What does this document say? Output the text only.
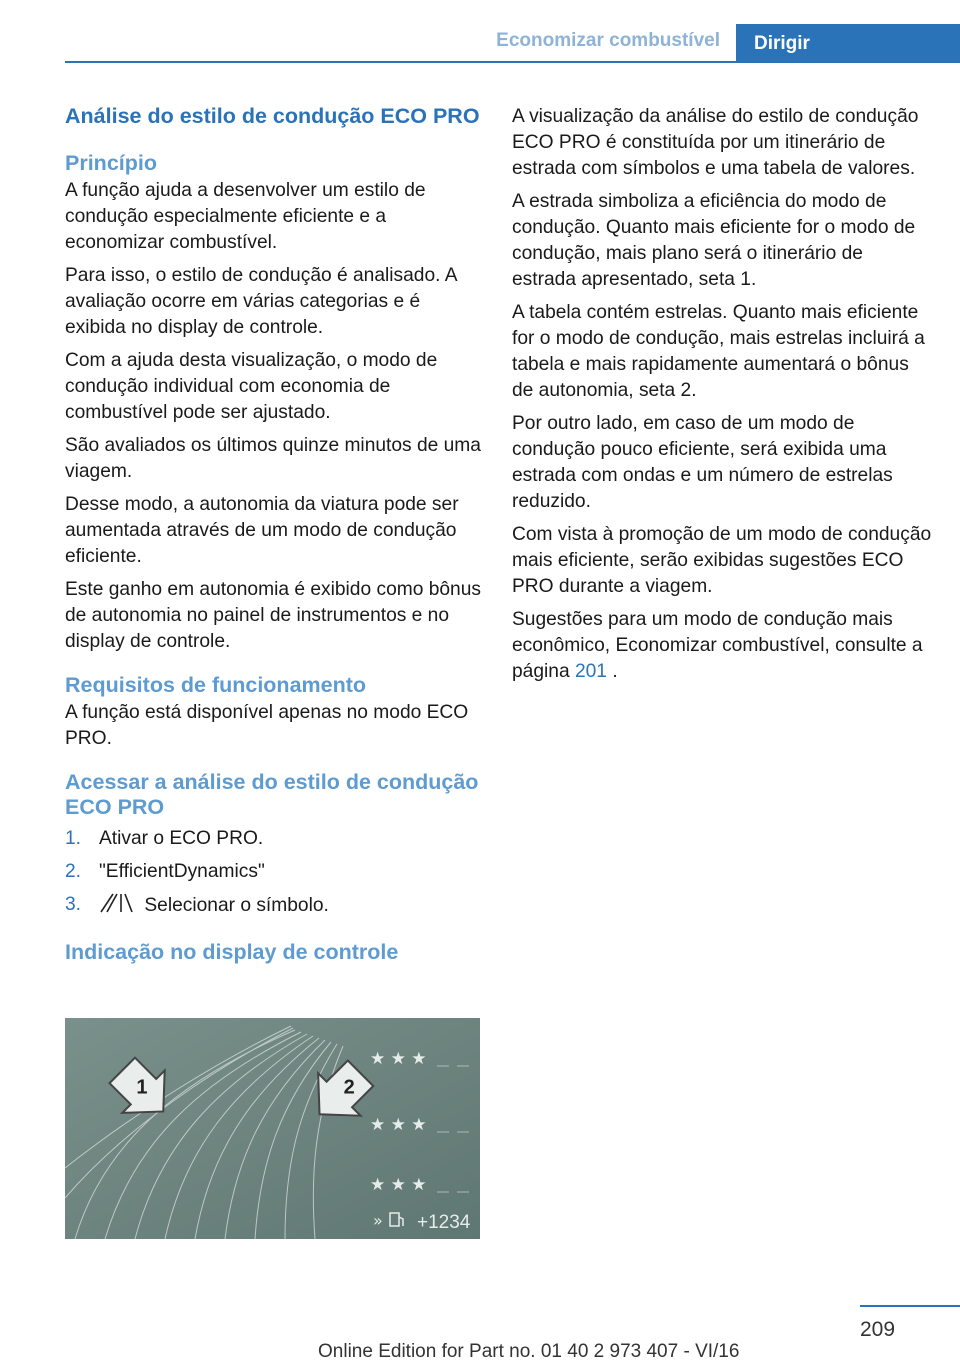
Economizar combustível	Dirigir
Análise do estilo de condução ECO PRO
Princípio

A função ajuda a desenvolver um estilo de condução especialmente eficiente e a economizar combustível.

Para isso, o estilo de condução é analisado. A avaliação ocorre em várias categorias e é exibida no display de controle.

Com a ajuda desta visualização, o modo de condução individual com economia de combustível pode ser ajustado.

São avaliados os últimos quinze minutos de uma viagem.

Desse modo, a autonomia da viatura pode ser aumentada através de um modo de condução eficiente.

Este ganho em autonomia é exibido como bônus de autonomia no painel de instrumentos e no display de controle.

Requisitos de funcionamento

A função está disponível apenas no modo ECO PRO.

Acessar a análise do estilo de condução ECO PRO
1. Ativar o ECO PRO.
2. "EfficientDynamics"
3.	Selecionar o símbolo.
Indicação no display de controle
1	2
★ ★ ★
★ ★ ★
★ ★ ★
» +1234

A visualização da análise do estilo de condução ECO PRO é constituída por um itinerário de estrada com símbolos e uma tabela de valores.

A estrada simboliza a eficiência do modo de condução. Quanto mais eficiente for o modo de condução, mais plano será o itinerário de estrada apresentado, seta 1.

A tabela contém estrelas. Quanto mais eficiente for o modo de condução, mais estrelas incluirá a tabela e mais rapidamente aumentará o bônus de autonomia, seta 2.

Por outro lado, em caso de um modo de condução pouco eficiente, será exibida uma estrada com ondas e um número de estrelas reduzido.

Com vista à promoção de um modo de condução mais eficiente, serão exibidas sugestões ECO PRO durante a viagem.

Sugestões para um modo de condução mais econômico, Economizar combustível, consulte a página 201 .

209
Online Edition for Part no. 01 40 2 973 407 - VI/16
